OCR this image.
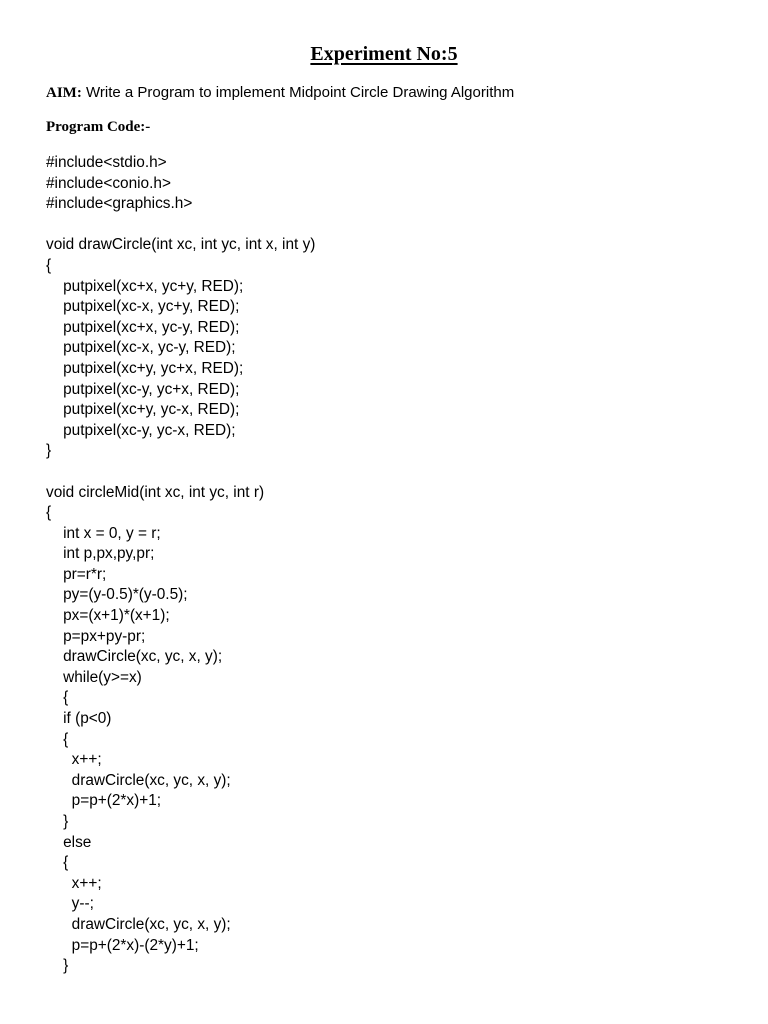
Experiment No:5
AIM: Write a Program to implement Midpoint Circle Drawing Algorithm
Program Code:-
#include<stdio.h>
#include<conio.h>
#include<graphics.h>
void drawCircle(int xc, int yc, int x, int y)
{
putpixel(xc+x, yc+y, RED);
putpixel(xc-x, yc+y, RED);
putpixel(xc+x, yc-y, RED);
putpixel(xc-x, yc-y, RED);
putpixel(xc+y, yc+x, RED);
putpixel(xc-y, yc+x, RED);
putpixel(xc+y, yc-x, RED);
putpixel(xc-y, yc-x, RED);
}
void circleMid(int xc, int yc, int r)
{
int x = 0, y = r;
int p,px,py,pr;
pr=r*r;
py=(y-0.5)*(y-0.5);
px=(x+1)*(x+1);
p=px+py-pr;
drawCircle(xc, yc, x, y);
while(y>=x)
{
if (p<0)
{
x++;
drawCircle(xc, yc, x, y);
p=p+(2*x)+1;
}
else
{
x++;
y--;
drawCircle(xc, yc, x, y);
p=p+(2*x)-(2*y)+1;
}
